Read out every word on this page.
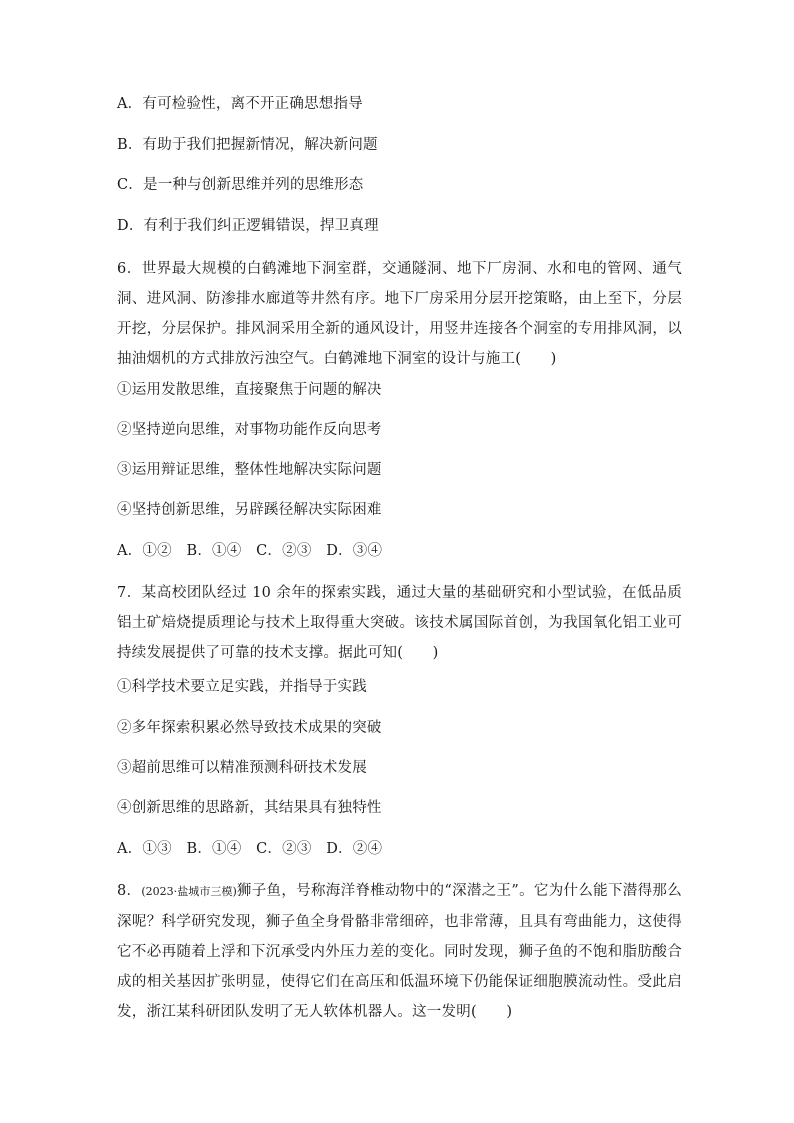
A．有可检验性，离不开正确思想指导
B．有助于我们把握新情况，解决新问题
C．是一种与创新思维并列的思维形态
D．有利于我们纠正逻辑错误，捍卫真理
6．世界最大规模的白鹤滩地下洞室群，交通隧洞、地下厂房洞、水和电的管网、通气洞、进风洞、防渗排水廊道等井然有序。地下厂房采用分层开挖策略，由上至下，分层开挖，分层保护。排风洞采用全新的通风设计，用竖井连接各个洞室的专用排风洞，以抽油烟机的方式排放污浊空气。白鹤滩地下洞室的设计与施工(　　)
①运用发散思维，直接聚焦于问题的解决
②坚持逆向思维，对事物功能作反向思考
③运用辩证思维，整体性地解决实际问题
④坚持创新思维，另辟蹊径解决实际困难
A．①②　B．①④　C．②③　D．③④
7．某高校团队经过 10 余年的探索实践，通过大量的基础研究和小型试验，在低品质铝土矿焙烧提质理论与技术上取得重大突破。该技术属国际首创，为我国氧化铝工业可持续发展提供了可靠的技术支撑。据此可知(　　)
①科学技术要立足实践，并指导于实践
②多年探索积累必然导致技术成果的突破
③超前思维可以精准预测科研技术发展
④创新思维的思路新，其结果具有独特性
A．①③　B．①④　C．②③　D．②④
8．(2023·盐城市三模)狮子鱼，号称海洋脊椎动物中的“深潜之王”。它为什么能下潜得那么深呢？科学研究发现，狮子鱼全身骨骼非常细碎，也非常薄，且具有弯曲能力，这使得它不必再随着上浮和下沉承受内外压力差的变化。同时发现，狮子鱼的不饱和脂肪酸合成的相关基因扩张明显，使得它们在高压和低温环境下仍能保证细胞膜流动性。受此启发，浙江某科研团队发明了无人软体机器人。这一发明(　　)
